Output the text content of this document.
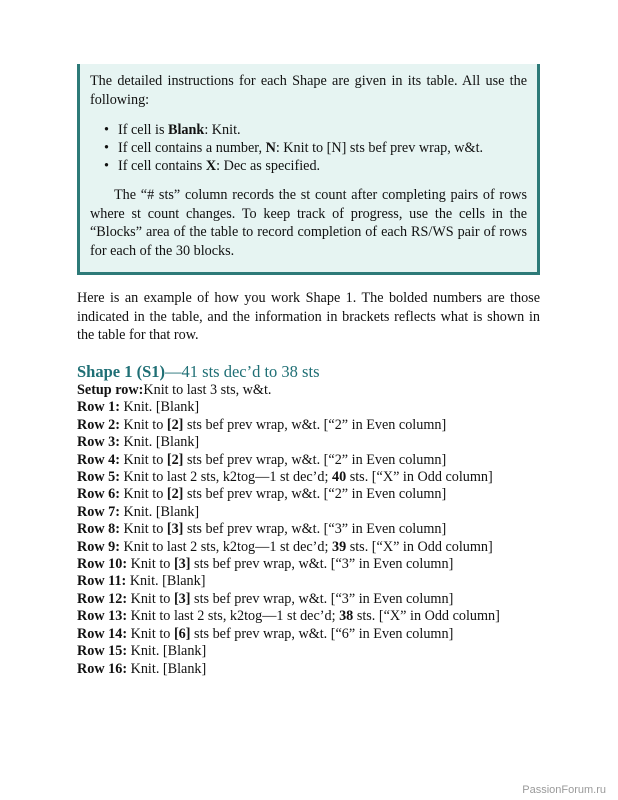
The detailed instructions for each Shape are given in its table. All use the following:

• If cell is Blank: Knit.
• If cell contains a number, N: Knit to [N] sts bef prev wrap, w&t.
• If cell contains X: Dec as specified.

The “# sts” column records the st count after completing pairs of rows where st count changes. To keep track of progress, use the cells in the “Blocks” area of the table to record completion of each RS/WS pair of rows for each of the 30 blocks.

Here is an example of how you work Shape 1. The bolded numbers are those indicated in the table, and the information in brackets reflects what is shown in the table for that row.

Shape 1 (S1)—41 sts dec’d to 38 sts
Setup row:Knit to last 3 sts, w&t.
Row 1: Knit. [Blank]
Row 2: Knit to [2] sts bef prev wrap, w&t. [“2” in Even column]
Row 3: Knit. [Blank]
Row 4: Knit to [2] sts bef prev wrap, w&t. [“2” in Even column]
Row 5: Knit to last 2 sts, k2tog—1 st dec’d; 40 sts. [“X” in Odd column]
Row 6: Knit to [2] sts bef prev wrap, w&t. [“2” in Even column]
Row 7: Knit. [Blank]
Row 8: Knit to [3] sts bef prev wrap, w&t. [“3” in Even column]
Row 9: Knit to last 2 sts, k2tog—1 st dec’d; 39 sts. [“X” in Odd column]
Row 10: Knit to [3] sts bef prev wrap, w&t. [“3” in Even column]
Row 11: Knit. [Blank]
Row 12: Knit to [3] sts bef prev wrap, w&t. [“3” in Even column]
Row 13: Knit to last 2 sts, k2tog—1 st dec’d; 38 sts. [“X” in Odd column]
Row 14: Knit to [6] sts bef prev wrap, w&t. [“6” in Even column]
Row 15: Knit. [Blank]
Row 16: Knit. [Blank]
PassionForum.ru
